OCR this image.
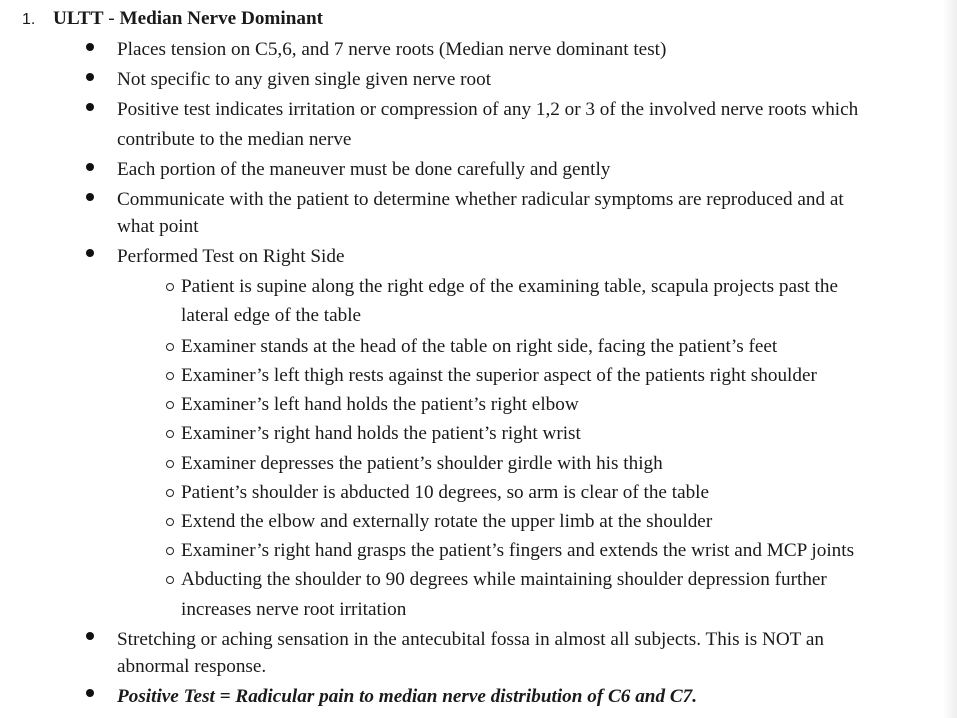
1. ULTT - Median Nerve Dominant
Places tension on C5,6, and 7 nerve roots (Median nerve dominant test)
Not specific to any given single given nerve root
Positive test indicates irritation or compression of any 1,2 or 3 of the involved nerve roots which
contribute to the median nerve
Each portion of the maneuver must be done carefully and gently
Communicate with the patient to determine whether radicular symptoms are reproduced and at
what point
Performed Test on Right Side
Patient is supine along the right edge of the examining table, scapula projects past the
lateral edge of the table
Examiner stands at the head of the table on right side, facing the patient’s feet
Examiner’s left thigh rests against the superior aspect of the patients right shoulder
Examiner’s left hand holds the patient’s right elbow
Examiner’s right hand holds the patient’s right wrist
Examiner depresses the patient’s shoulder girdle with his thigh
Patient’s shoulder is abducted 10 degrees, so arm is clear of the table
Extend the elbow and externally rotate the upper limb at the shoulder
Examiner’s right hand grasps the patient’s fingers and extends the wrist and MCP joints
Abducting the shoulder to 90 degrees while maintaining shoulder depression further
increases nerve root irritation
Stretching or aching sensation in the antecubital fossa in almost all subjects. This is NOT an
abnormal response.
Positive Test = Radicular pain to median nerve distribution of C6 and C7.
